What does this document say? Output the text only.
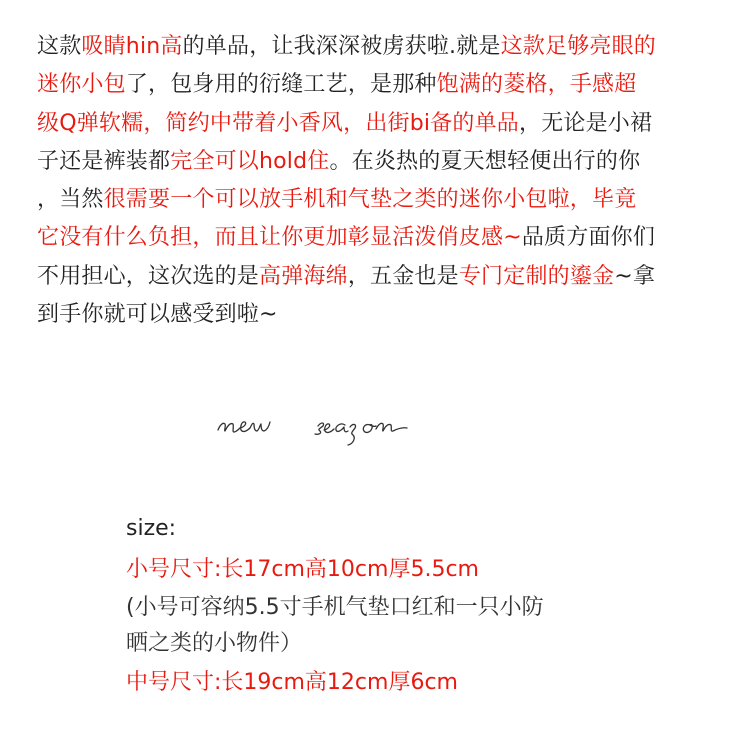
这款吸睛hin高的单品，让我深深被虏获啦.就是这款足够亮眼的
迷你小包了，包身用的衍缝工艺，是那种饱满的菱格，手感超
级Q弹软糯，简约中带着小香风，出街bi备的单品，无论是小裙
子还是裤装都完全可以hold住。在炎热的夏天想轻便出行的你
，当然很需要一个可以放手机和气垫之类的迷你小包啦，毕竟
它没有什么负担，而且让你更加彰显活泼俏皮感~品质方面你们
不用担心，这次选的是高弹海绵，五金也是专门定制的鎏金~拿
到手你就可以感受到啦~
size:
小号尺寸:长17cm高10cm厚5.5cm
(小号可容纳5.5寸手机气垫口红和一只小防
晒之类的小物件）
中号尺寸:长19cm高12cm厚6cm
